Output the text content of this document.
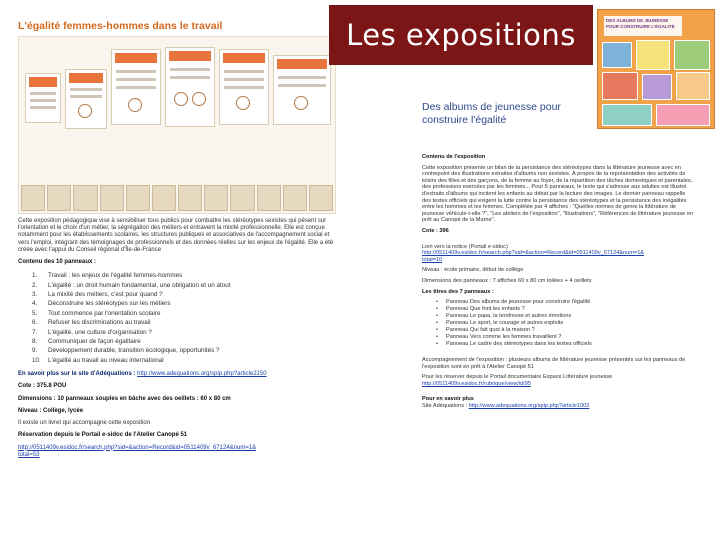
L'égalité femmes-hommes dans le travail

Cette exposition pédagogique vise à sensibiliser tous publics pour combattre les stéréotypes sexistes qui pèsent sur l'orientation et le choix d'un métier, la ségrégation des métiers et entravent la mixité professionnelle. Elle est conçue notamment pour les établissements scolaires, les structures publiques et associatives de l'accompagnement social et vers l'emploi, intégrant des témoignages de professionnels et des données réelles sur les enjeux de l'égalité. Elle a été créée avec l'appui du Conseil régional d'Île-de-France

Contenu des 10 panneaux :

1. Travail : les enjeux de l'égalité femmes-hommes
2. L'égalité : un droit humain fondamental, une obligation et un atout
3. La mixité des métiers, c'est pour quand ?
4. Déconstruire les stéréotypes sur les métiers
5. Tout commence par l'orientation scolaire
6. Refuser les discriminations au travail
7. L'égalité, une culture d'organisation ?
8. Communiquer de façon égalitaire
9. Développement durable, transition écologique, opportunités ?
10. L'égalité au travail au niveau international

En savoir plus sur le site d'Adéquations : http://www.adequations.org/spip.php?article2150

Cote : 375.8 POU

Dimensions : 10 panneaux souples en bâche avec des oeillets : 60 x 80 cm

Niveau : Collège, lycée

Il existe un livret qui accompagne cette exposition

Réservation depuis le Portail e-sidoc de l'Atelier Canopé 51

http://0511409v.esidoc.fr/search.php?sid=&action=Record&id=0511409v_67124&num=1&
total=53

Les expositions	DES ALBUMS DE JEUNESSE POUR CONSTRUIRE L'ÉGALITÉ
Des albums de jeunesse pour
construire l'égalité

Contenu de l'exposition

Cette exposition présente un bilan de la persistance des stéréotypes dans la littérature jeunesse avec en contrepoint des illustrations extraites d'albums non sexistes. À propos de la représentation des activités de loisirs des filles et des garçons, de la femme au foyer, de la répartition des tâches domestiques et parentales, des professions exercées par les femmes... Pour 5 panneaux, le texte qui s'adresse aux adultes est illustré d'extraits d'albums qui incitent les enfants au débat par la lecture des images. Le dernier panneau rappelle des textes officiels qui exigent la lutte contre la persistance des stéréotypes et la persistance des inégalités entre les hommes et les femmes. Complétée par 4 affiches : "Quelles normes de genre la littérature de jeunesse véhicule-t-elle ?", "Les ateliers de l'exposition", "Illustrations", "Références de littérature jeunesse en prêt au Canopé de la Marne".

Cote : 396

Lien vers la notice (Portail e-sidoc)
http://0511409v.esidoc.fr/search.php?sid=&action=Record&id=0511409v_67124&num=1&
total=10

Niveau : école primaire, début de collège

Dimensions des panneaux : 7 affiches 60 x 80 cm toilées + 4 oeillets

Les titres des 7 panneaux :

• Panneau Des albums de jeunesse pour construire l'égalité
• Panneau Que font les enfants ?
• Panneau Le papa, la tendresse et autres émotions
• Panneau Le sport, le courage et autres exploits
• Panneau Qui fait quoi à la maison ?
• Panneau Vers comme les femmes travaillent ?
• Panneau Le cadre des stéréotypes dans les textes officiels

Accompagnement de l'exposition : plusieurs albums de littérature jeunesse présentés sur les panneaux de l'exposition sont en prêt à l'Atelier Canopé 51

Pour les réserver depuis le Portail documentaire Espace Littérature jeunesse
http://0511409v.esidoc.fr/rubrique/view/id/95

Pour en savoir plus
Site Adéquations : http://www.adequations.org/spip.php?article1003
